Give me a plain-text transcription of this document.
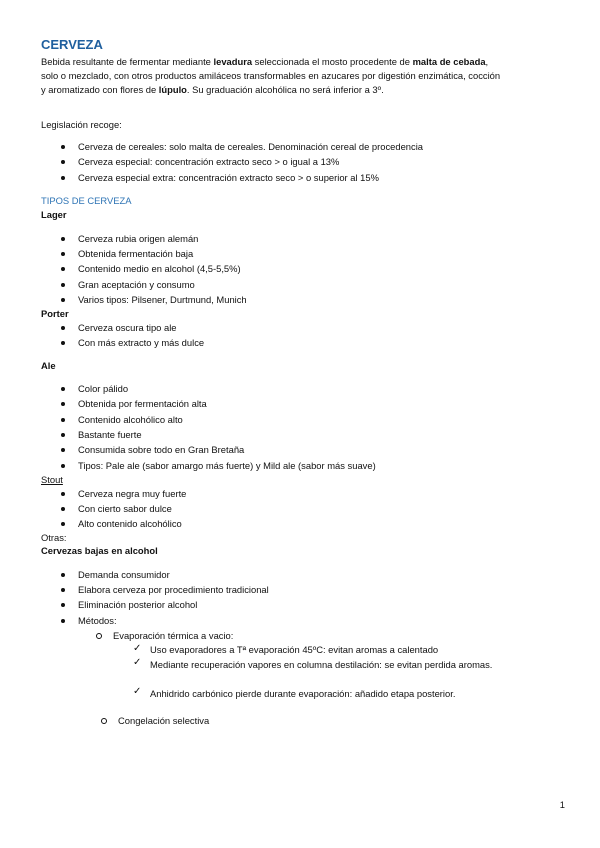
CERVEZA
Bebida resultante de fermentar mediante levadura seleccionada el mosto procedente de malta de cebada, solo o mezclado, con otros productos amiláceos transformables en azucares por digestión enzimática, cocción y aromatizado con flores de lúpulo. Su graduación alcohólica no será inferior a 3º.
Legislación recoge:
Cerveza de cereales: solo malta de cereales. Denominación cereal de procedencia
Cerveza especial: concentración extracto seco > o igual a 13%
Cerveza especial extra: concentración extracto seco > o superior al 15%
TIPOS DE CERVEZA
Lager
Cerveza rubia origen alemán
Obtenida fermentación baja
Contenido medio en alcohol (4,5-5,5%)
Gran aceptación y consumo
Varios tipos: Pilsener, Durtmund, Munich
Porter
Cerveza oscura tipo ale
Con más extracto y más dulce
Ale
Color pálido
Obtenida por fermentación alta
Contenido alcohólico alto
Bastante fuerte
Consumida sobre todo en Gran Bretaña
Tipos: Pale ale (sabor amargo más fuerte) y Mild ale (sabor más suave)
Stout
Cerveza negra muy fuerte
Con cierto sabor dulce
Alto contenido alcohólico
Otras:
Cervezas bajas en alcohol
Demanda consumidor
Elabora cerveza por procedimiento tradicional
Eliminación posterior alcohol
Métodos:
Evaporación térmica a vacio:
✓ Uso evaporadores a Tª evaporación 45ºC: evitan aromas a calentado
✓ Mediante recuperación vapores en columna destilación: se evitan perdida aromas.
✓ Anhidrido carbónico pierde durante evaporación: añadido etapa posterior.
Congelación selectiva
1
